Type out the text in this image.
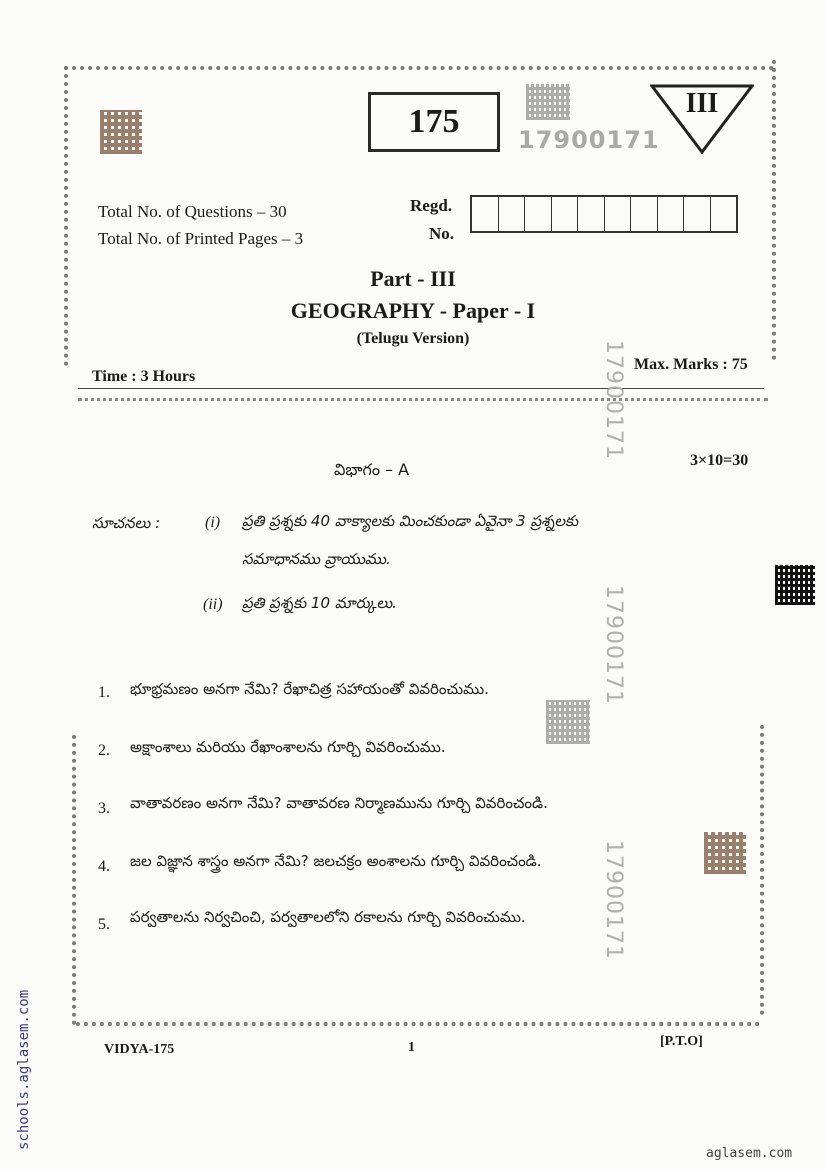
175 17900171
III
Total No. of Questions – 30
Total No. of Printed Pages – 3
Regd.
No.
Part - III
GEOGRAPHY - Paper - I
(Telugu Version)
Time : 3 Hours
Max. Marks : 75
17900171
17900171
17900171
విభాగం – A	3×10=30
సూచనలు :	(i) ప్రతి ప్రశ్నకు 40 వాక్యాలకు మించకుండా ఏవైనా 3 ప్రశ్నలకు
సమాధానము వ్రాయుము.
(ii) ప్రతి ప్రశ్నకు 10 మార్కులు.
1. భూభ్రమణం అనగా నేమి? రేఖాచిత్ర సహాయంతో వివరించుము.
2. అక్షాంశాలు మరియు రేఖాంశాలను గూర్చి వివరించుము.
3. వాతావరణం అనగా నేమి? వాతావరణ నిర్మాణమును గూర్చి వివరించండి.
4. జల విజ్ఞాన శాస్త్రం అనగా నేమి? జలచక్రం అంశాలను గూర్చి వివరించండి.
5. పర్వతాలను నిర్వచించి, పర్వతాలలోని రకాలను గూర్చి వివరించుము.
VIDYA-175	1	[P.T.O]
schools.aglasem.com
aglasem.com
